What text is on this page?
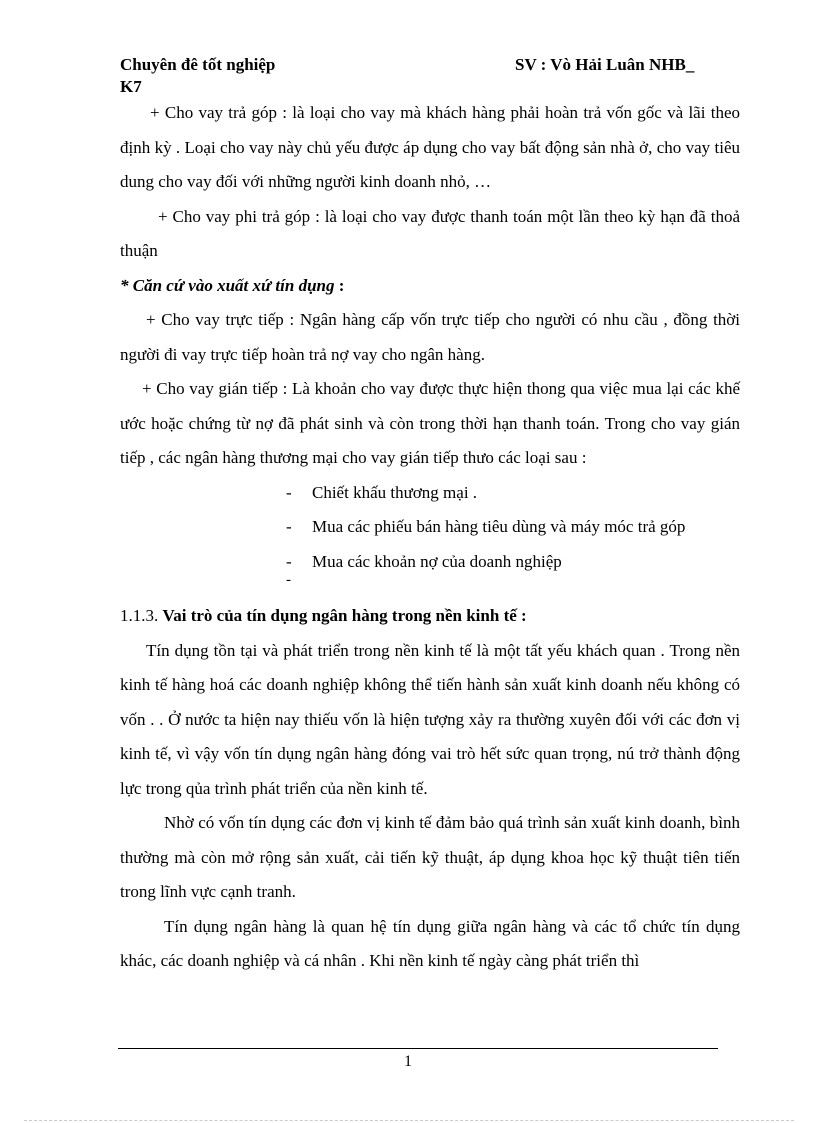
Chuyên đê tốt nghiệp	SV : Vò Hải Luân NHB_
K7

+ Cho vay trả góp : là loại cho vay mà khách hàng phải hoàn trả vốn gốc và lãi theo định kỳ . Loại cho vay này chủ yếu được áp dụng cho vay bất động sản nhà ở, cho vay tiêu dung cho vay đối với những người kinh doanh nhỏ, …

+ Cho vay phi trả góp : là loại cho vay được thanh toán một lần theo kỳ hạn đã thoả thuận

* Căn cứ vào xuất xứ tín dụng :

+ Cho vay trực tiếp : Ngân hàng cấp vốn trực tiếp cho người có nhu cầu , đồng thời người đi vay trực tiếp hoàn trả nợ vay cho ngân hàng.

+ Cho vay gián tiếp : Là khoản cho vay được thực hiện thong qua việc mua lại các khế ước hoặc chứng từ nợ đã phát sinh và còn trong thời hạn thanh toán. Trong cho vay gián tiếp , các ngân hàng thương mại cho vay gián tiếp thưo các loại sau :

- Chiết khấu thương mại .
- Mua các phiếu bán hàng tiêu dùng và máy móc trả góp
- Mua các khoản nợ của doanh nghiệp
-

1.1.3. Vai trò của tín dụng ngân hàng trong nền kinh tế :

Tín dụng tồn tại và phát triển trong nền kinh tế là một tất yếu khách quan . Trong nền kinh tế hàng hoá các doanh nghiệp không thể tiến hành sản xuất kinh doanh nếu không có vốn . . Ở nước ta hiện nay thiếu vốn là hiện tượng xảy ra thường xuyên đối với các đơn vị kinh tế, vì vậy vốn tín dụng ngân hàng đóng vai trò hết sức quan trọng, nú trở thành động lực trong qủa trình phát triển của nền kinh tế.

Nhờ có vốn tín dụng các đơn vị kinh tế đảm bảo quá trình sản xuất kinh doanh, bình thường mà còn mở rộng sản xuất, cải tiến kỹ thuật, áp dụng khoa học kỹ thuật tiên tiến trong lĩnh vực cạnh tranh.

Tín dụng ngân hàng là quan hệ tín dụng giữa ngân hàng và các tổ chức tín dụng khác, các doanh nghiệp và cá nhân . Khi nền kinh tế ngày càng phát triển thì

1
